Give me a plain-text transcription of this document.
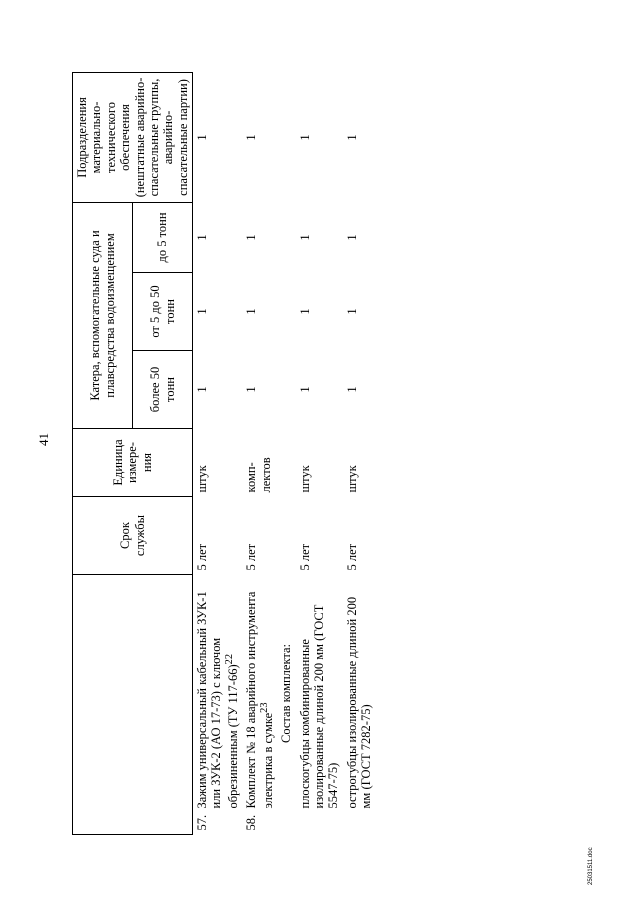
41
25031511.doc
		Срок службы	Единица измере-ния	Катера, вспомогательные суда и плавсредства водоизмещением			Подразделения материально-технического обеспечения (нештатные аварийно-спасательные группы, аварийно-спасательные партии)
				более 50 тонн	от 5 до 50 тонн	до 5 тонн	
57.	Зажим универсальный кабельный ЗУК-1 или ЗУК-2 (АО 17-73) с ключом обрезиненным (ТУ 117-66)$^{22}$	5 лет	штук	1	1	1	1
58.	Комплект № 18 аварийного инструмента электрика в сумке$^{23}$	5 лет	комп-лектов	1	1	1	1
	Состав комплекта:						
	плоскогубцы комбинированные изолированные длиной 200 мм (ГОСТ 5547-75)	5 лет	штук	1	1	1	1
	острогубцы изолированные длиной 200 мм (ГОСТ 7282-75)	5 лет	штук	1	1	1	1
